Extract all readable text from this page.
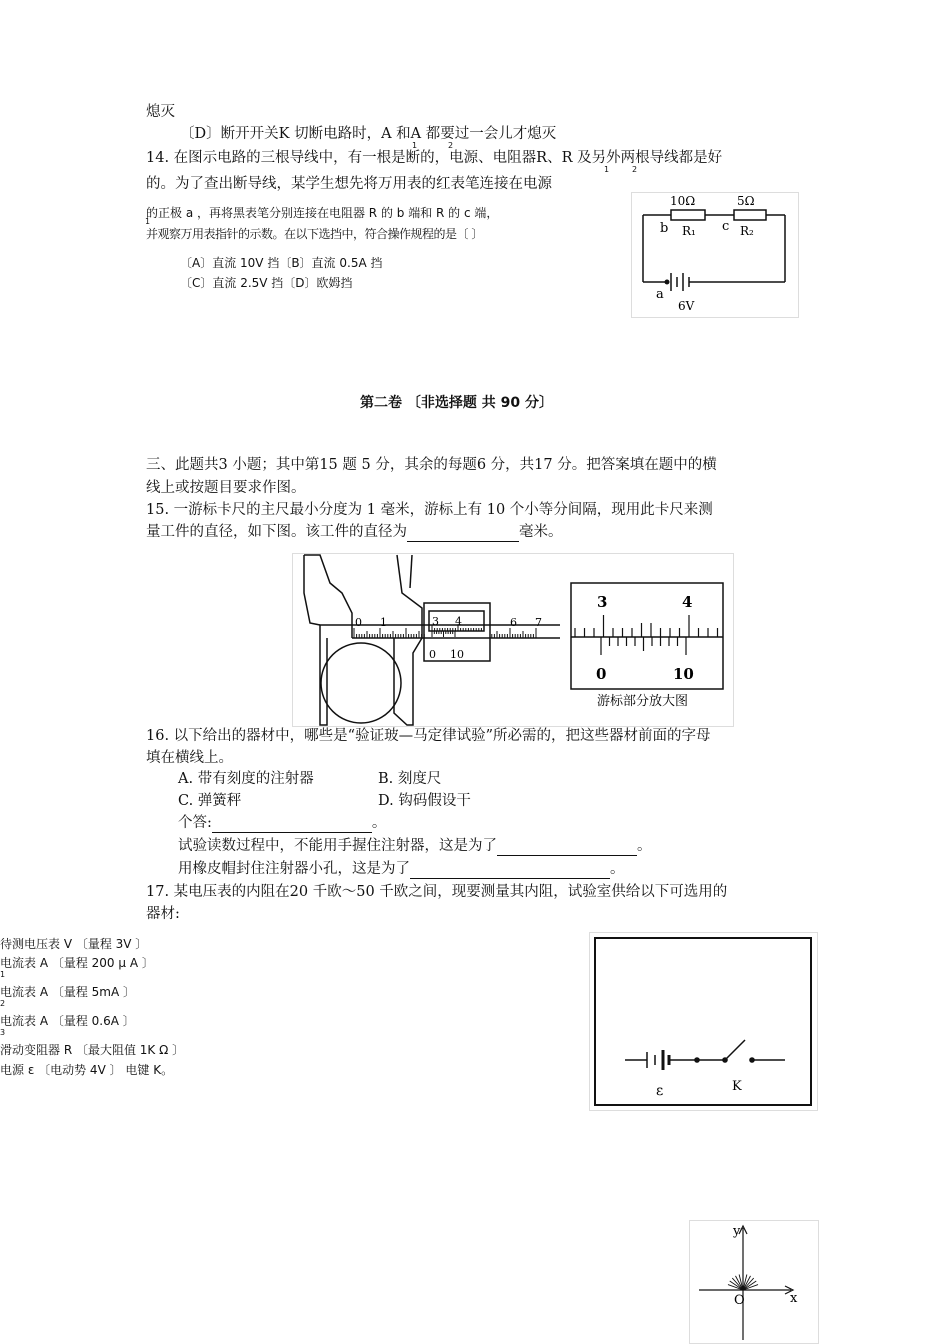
熄灭
〔D〕断开开关K 切断电路时，A 和A 都要过一会儿才熄灭
1	2
14. 在图示电路的三根导线中，有一根是断的，电源、电阻器R、R 及另外两根导线都是好
1	2
的。为了查出断导线，某学生想先将万用表的红表笔连接在电源
的正极 a ，再将黑表笔分别连接在电阻器 R 的 b 端和 R 的 c 端，
1
并观察万用表指针的示数。在以下选挡中，符合操作规程的是〔 〕
〔A〕直流 10V 挡〔B〕直流 0.5A 挡
〔C〕直流 2.5V 挡〔D〕欧姆挡
10Ω	5Ω
b	c
R₁	R₂
a
6V
第二卷 〔非选择题 共 90 分〕
三、此题共3 小题；其中第15 题 5 分，其余的每题6 分，共17 分。把答案填在题中的横
线上或按题目要求作图。
15. 一游标卡尺的主尺最小分度为 1 毫米，游标上有 10 个小等分间隔，现用此卡尺来测
量工件的直径，如下图。该工件的直径为	毫米。
0 1	6 7
3 4
0 10
3	4
0	10
游标部分放大图
16. 以下给出的器材中，哪些是“验证玻—马定律试验”所必需的，把这些器材前面的字母
填在横线上。
A. 带有刻度的注射器	B. 刻度尺
C. 弹簧秤	D. 钩码假设干
个答:	。
试验读数过程中，不能用手握住注射器，这是为了	。
用橡皮帽封住注射器小孔，这是为了	。
17. 某电压表的内阻在20 千欧～50 千欧之间，现要测量其内阻，试验室供给以下可选用的
器材:
待测电压表 V 〔量程 3V 〕
电流表 A 〔量程 200 μ A 〕
1
电流表 A 〔量程 5mA 〕
2
电流表 A 〔量程 0.6A 〕
3
滑动变阻器 R 〔最大阻值 1K Ω 〕
电源 ε 〔电动势 4V 〕 电键 K。
ε	K
y
x
O
